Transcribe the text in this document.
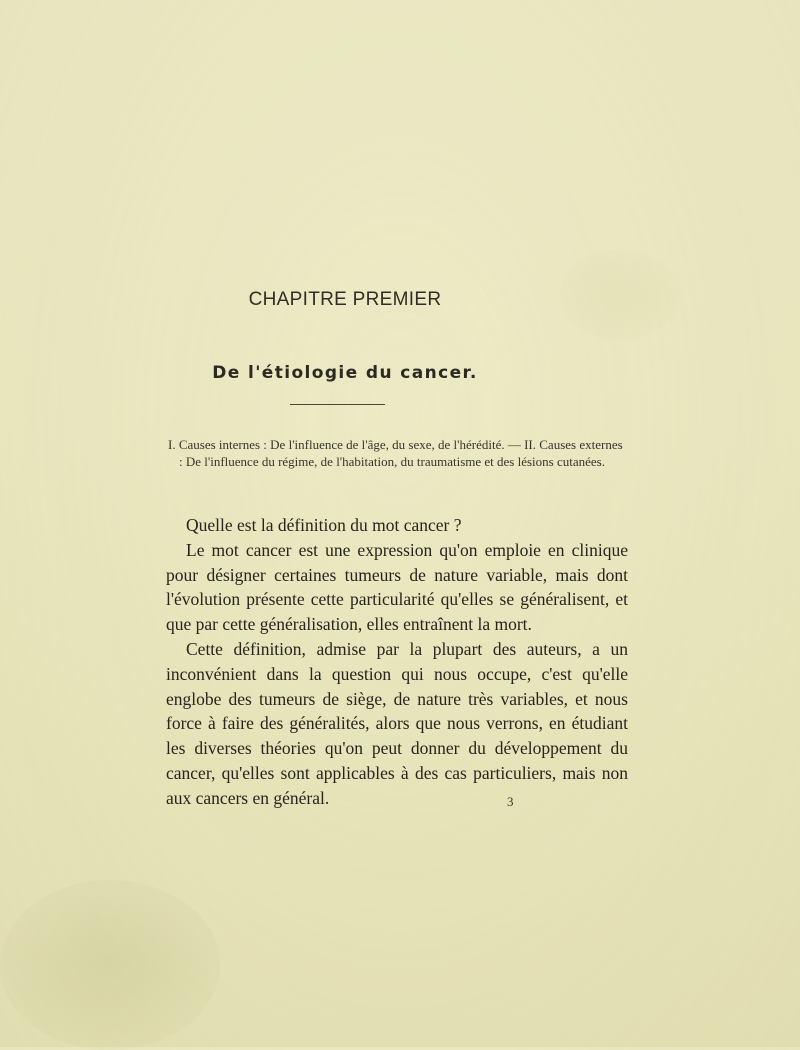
CHAPITRE PREMIER
De l'étiologie du cancer.

I. Causes internes : De l'influence de l'âge, du sexe, de l'hérédité. — II. Causes externes : De l'influence du régime, de l'habitation, du traumatisme et des lésions cutanées.

Quelle est la définition du mot cancer ?

Le mot cancer est une expression qu'on emploie en clinique pour désigner certaines tumeurs de nature variable, mais dont l'évolution présente cette particularité qu'elles se généralisent, et que par cette généralisation, elles entraînent la mort.

Cette définition, admise par la plupart des auteurs, a un inconvénient dans la question qui nous occupe, c'est qu'elle englobe des tumeurs de siège, de nature très variables, et nous force à faire des généralités, alors que nous verrons, en étudiant les diverses théories qu'on peut donner du développement du cancer, qu'elles sont applicables à des cas particuliers, mais non aux cancers en général.	3
